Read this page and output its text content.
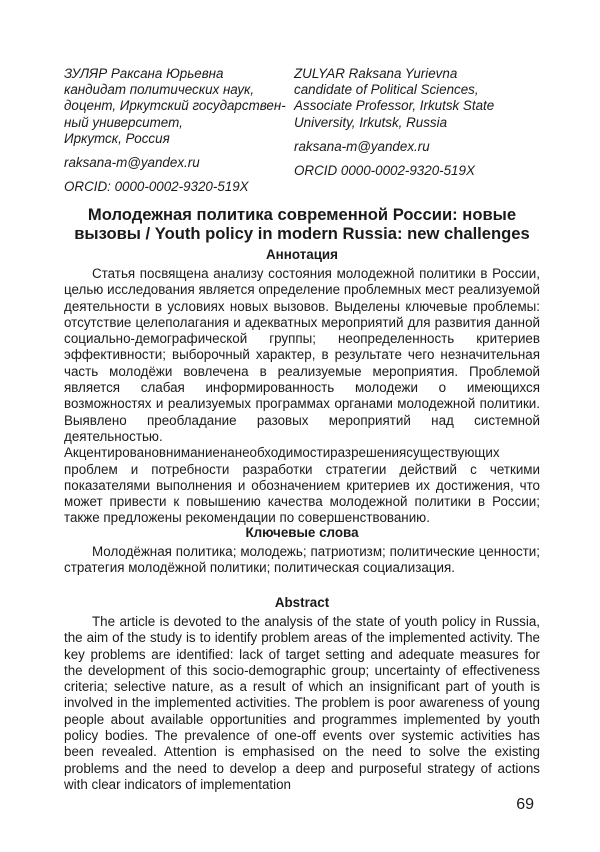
ЗУЛЯР Раксана Юрьевна
кандидат политических наук,
доцент, Иркутский государствен-
ный университет,
Иркутск, Россия
raksana-m@yandex.ru
ORCID: 0000-0002-9320-519X
ZULYAR Raksana Yurievna
candidate of Political Sciences,
Associate Professor, Irkutsk State
University, Irkutsk, Russia
raksana-m@yandex.ru
ORCID 0000-0002-9320-519X
Молодежная политика современной России: новые вызовы / Youth policy in modern Russia: new challenges
Аннотация

Статья посвящена анализу состояния молодежной политики в России, целью исследования является определение проблемных мест реализуемой деятельности в условиях новых вызовов. Выделены ключевые проблемы: отсутствие целеполагания и адекватных мероприятий для развития данной социально-демографической группы; неопределенность критериев эффективности; выборочный характер, в результате чего незначительная часть молодёжи вовлечена в реализуемые мероприятия. Проблемой является слабая информированность молодежи о имеющихся возможностях и реализуемых программах органами молодежной политики. Выявлено преобладание разовых мероприятий над системной деятельностью. Акцентировановниманиенанеобходимостиразрешениясуществующих проблем и потребности разработки стратегии действий с четкими показателями выполнения и обозначением критериев их достижения, что может привести к повышению качества молодежной политики в России; также предложены рекомендации по совершенствованию.

Ключевые слова

Молодёжная политика; молодежь; патриотизм; политические ценности; стратегия молодёжной политики; политическая социализация.

Abstract

The article is devoted to the analysis of the state of youth policy in Russia, the aim of the study is to identify problem areas of the implemented activity. The key problems are identified: lack of target setting and adequate measures for the development of this socio-demographic group; uncertainty of effectiveness criteria; selective nature, as a result of which an insignificant part of youth is involved in the implemented activities. The problem is poor awareness of young people about available opportunities and programmes implemented by youth policy bodies. The prevalence of one-off events over systemic activities has been revealed. Attention is emphasised on the need to solve the existing problems and the need to develop a deep and purposeful strategy of actions with clear indicators of implementation

69
